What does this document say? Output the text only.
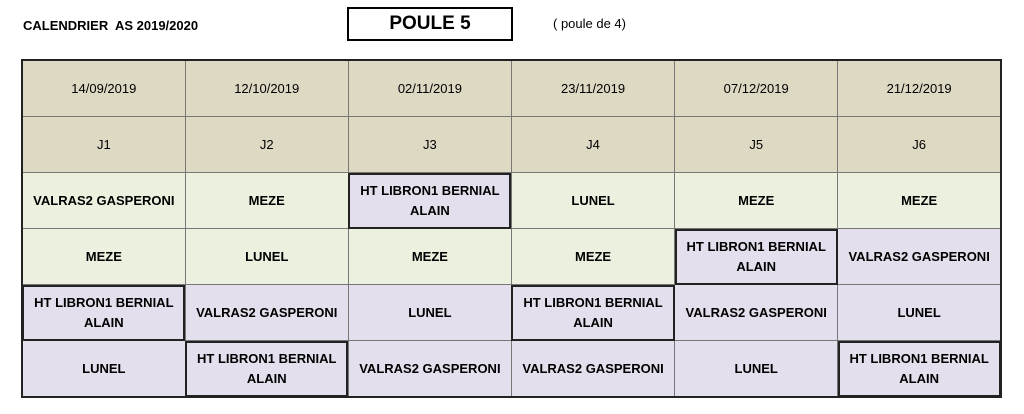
CALENDRIER  AS 2019/2020	POULE 5	( poule de 4)
14/09/2019	12/10/2019	02/11/2019	23/11/2019	07/12/2019	21/12/2019
J1	J2	J3	J4	J5	J6
VALRAS2 GASPERONI	MEZE	HT LIBRON1 BERNIAL ALAIN	LUNEL	MEZE	MEZE
MEZE	LUNEL	MEZE	MEZE	HT LIBRON1 BERNIAL ALAIN	VALRAS2 GASPERONI
HT LIBRON1 BERNIAL ALAIN	VALRAS2 GASPERONI	LUNEL	HT LIBRON1 BERNIAL ALAIN	VALRAS2 GASPERONI	LUNEL
LUNEL	HT LIBRON1 BERNIAL ALAIN	VALRAS2 GASPERONI	VALRAS2 GASPERONI	LUNEL	HT LIBRON1 BERNIAL ALAIN
